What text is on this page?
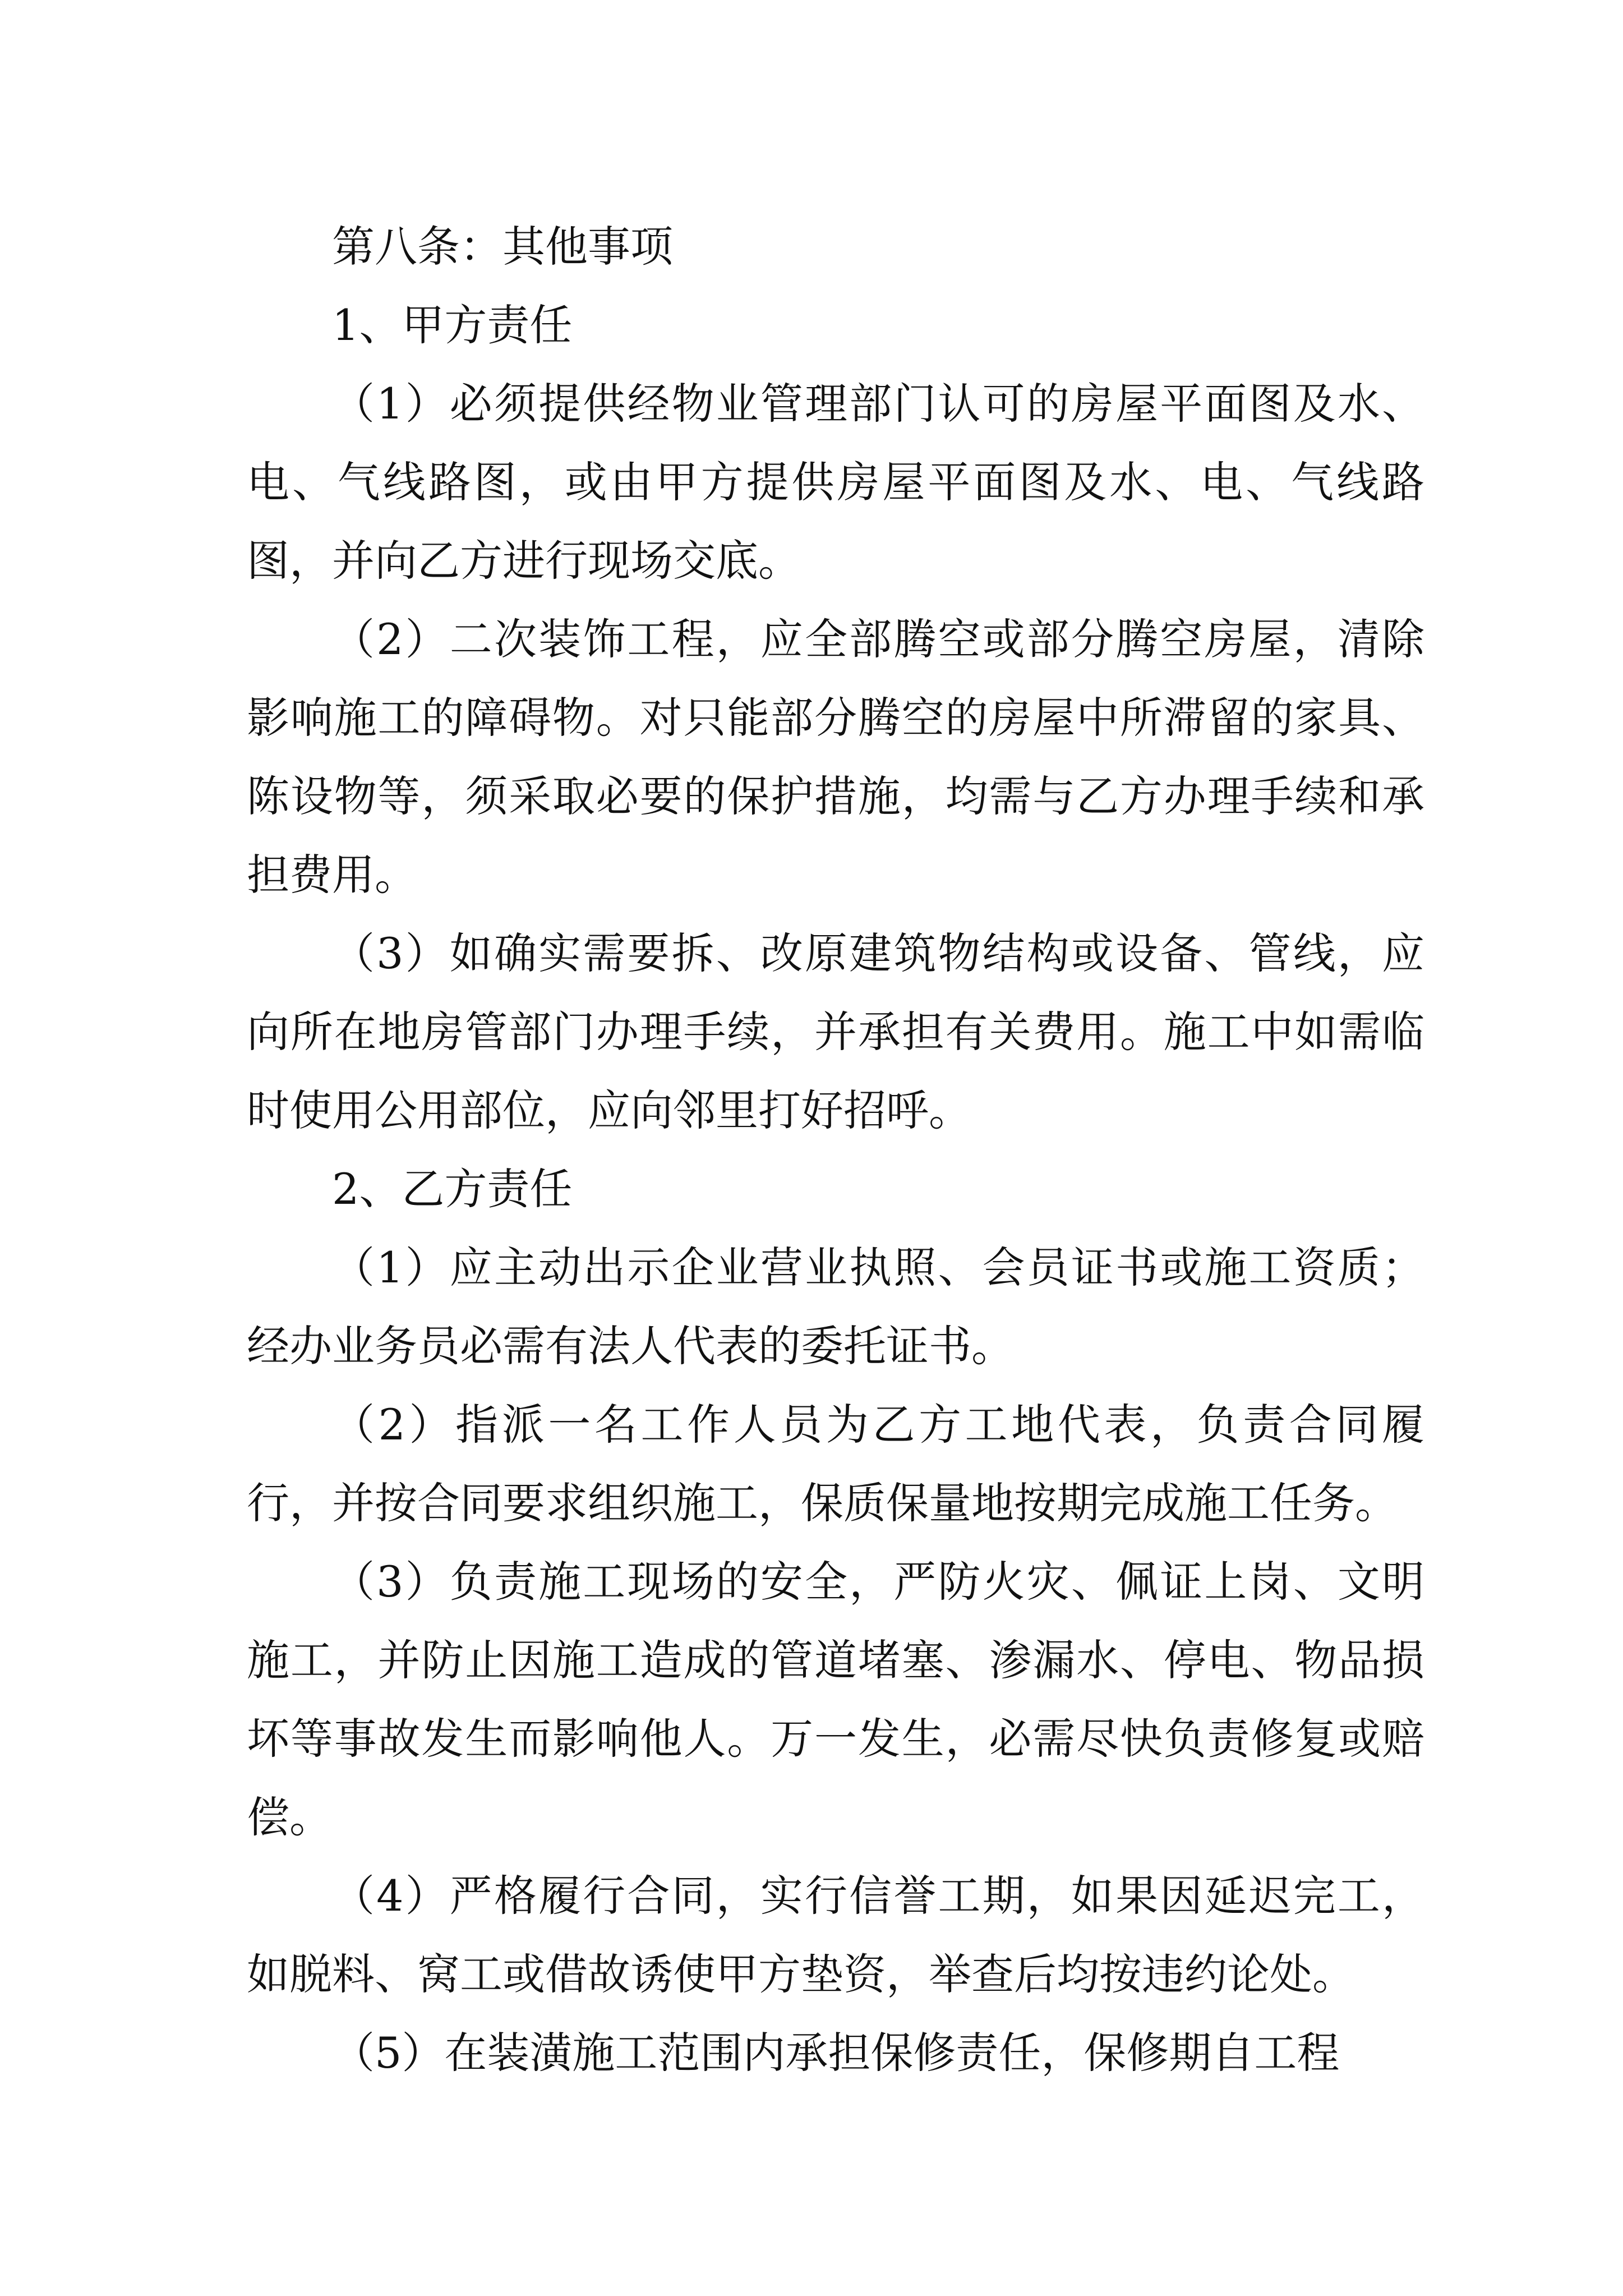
第八条：其他事项

1、甲方责任

（1）必须提供经物业管理部门认可的房屋平面图及水、电、气线路图，或由甲方提供房屋平面图及水、电、气线路图，并向乙方进行现场交底。

（2）二次装饰工程，应全部腾空或部分腾空房屋，清除影响施工的障碍物。对只能部分腾空的房屋中所滞留的家具、陈设物等，须采取必要的保护措施，均需与乙方办理手续和承担费用。

（3）如确实需要拆、改原建筑物结构或设备、管线，应向所在地房管部门办理手续，并承担有关费用。施工中如需临时使用公用部位，应向邻里打好招呼。

2、乙方责任

（1）应主动出示企业营业执照、会员证书或施工资质；经办业务员必需有法人代表的委托证书。

（2）指派一名工作人员为乙方工地代表，负责合同履行，并按合同要求组织施工，保质保量地按期完成施工任务。

（3）负责施工现场的安全，严防火灾、佩证上岗、文明施工，并防止因施工造成的管道堵塞、渗漏水、停电、物品损坏等事故发生而影响他人。万一发生，必需尽快负责修复或赔偿。

（4）严格履行合同，实行信誉工期，如果因延迟完工，如脱料、窝工或借故诱使甲方垫资，举查后均按违约论处。

（5）在装潢施工范围内承担保修责任，保修期自工程
